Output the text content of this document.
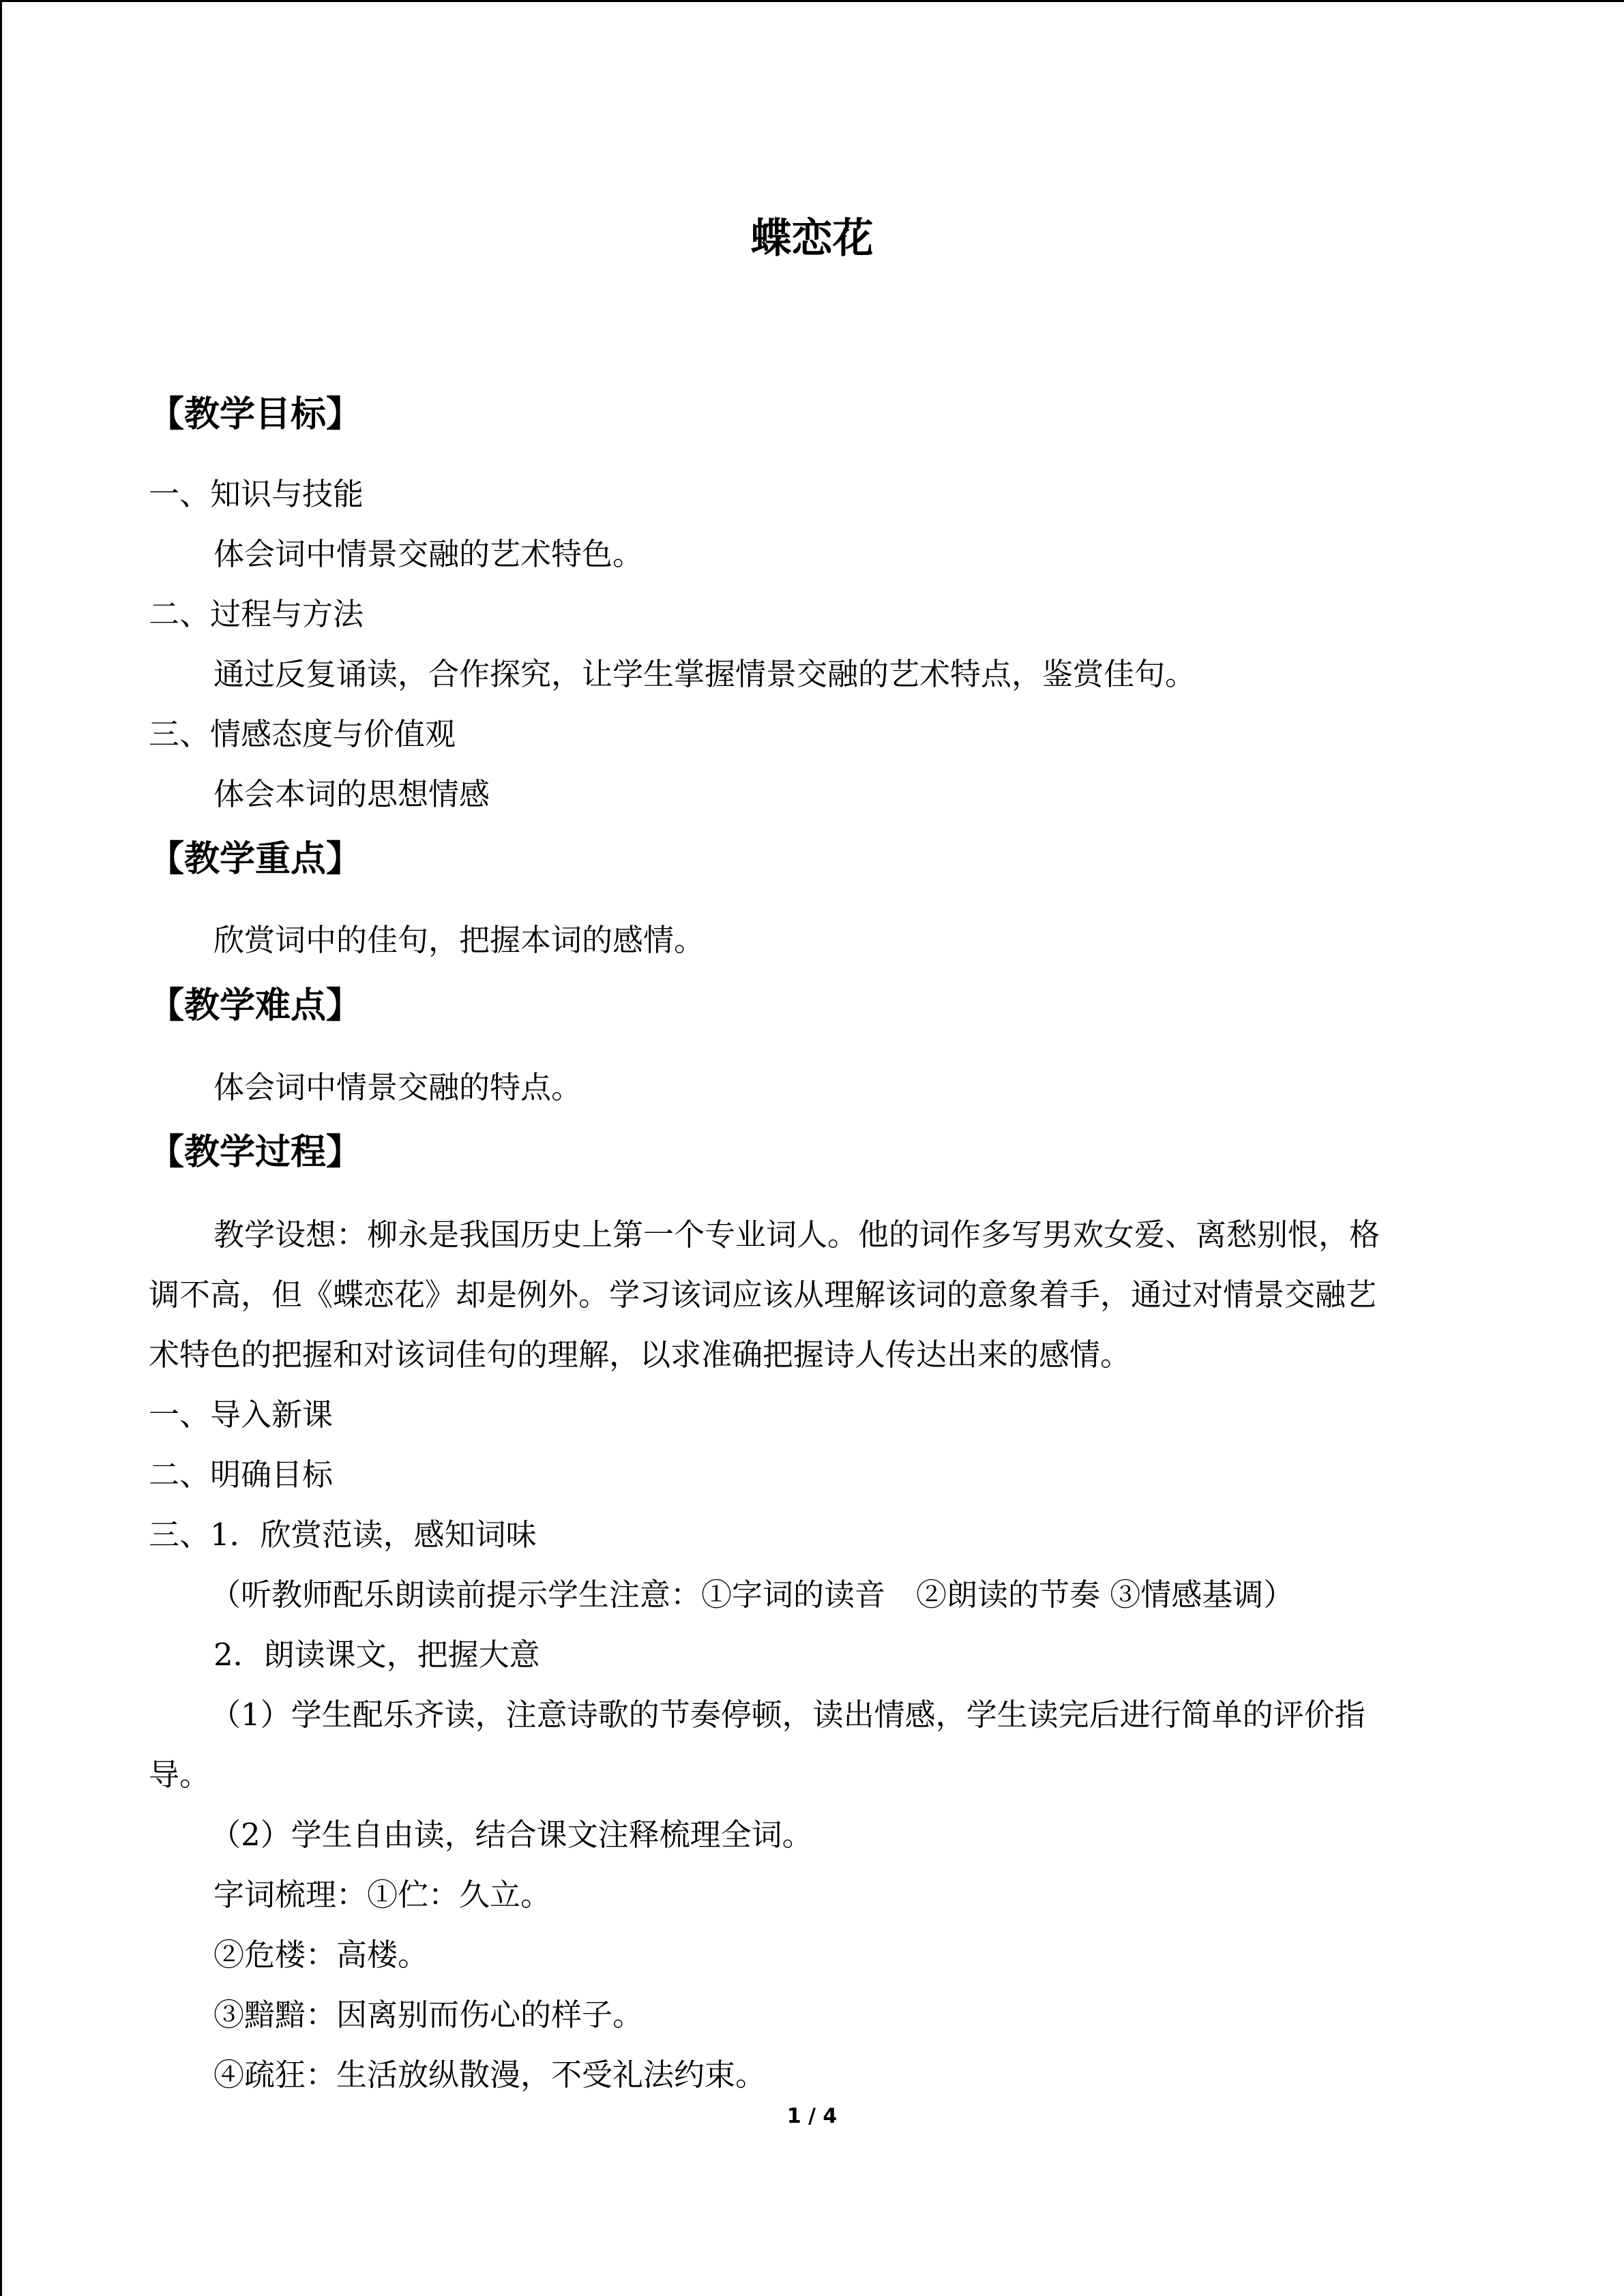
蝶恋花
【教学目标】
一、知识与技能
体会词中情景交融的艺术特色。
二、过程与方法
通过反复诵读，合作探究，让学生掌握情景交融的艺术特点，鉴赏佳句。
三、情感态度与价值观
体会本词的思想情感
【教学重点】
欣赏词中的佳句，把握本词的感情。
【教学难点】
体会词中情景交融的特点。
【教学过程】
教学设想：柳永是我国历史上第一个专业词人。他的词作多写男欢女爱、离愁别恨，格
调不高，但《蝶恋花》却是例外。学习该词应该从理解该词的意象着手，通过对情景交融艺
术特色的把握和对该词佳句的理解，以求准确把握诗人传达出来的感情。
一、导入新课
二、明确目标
三、1．欣赏范读，感知词味
（听教师配乐朗读前提示学生注意：①字词的读音　②朗读的节奏 ③情感基调）
2．朗读课文，把握大意
（1）学生配乐齐读，注意诗歌的节奏停顿，读出情感，学生读完后进行简单的评价指
导。
（2）学生自由读，结合课文注释梳理全词。
字词梳理：①伫：久立。
②危楼：高楼。
③黯黯：因离别而伤心的样子。
④疏狂：生活放纵散漫，不受礼法约束。
1 / 4
